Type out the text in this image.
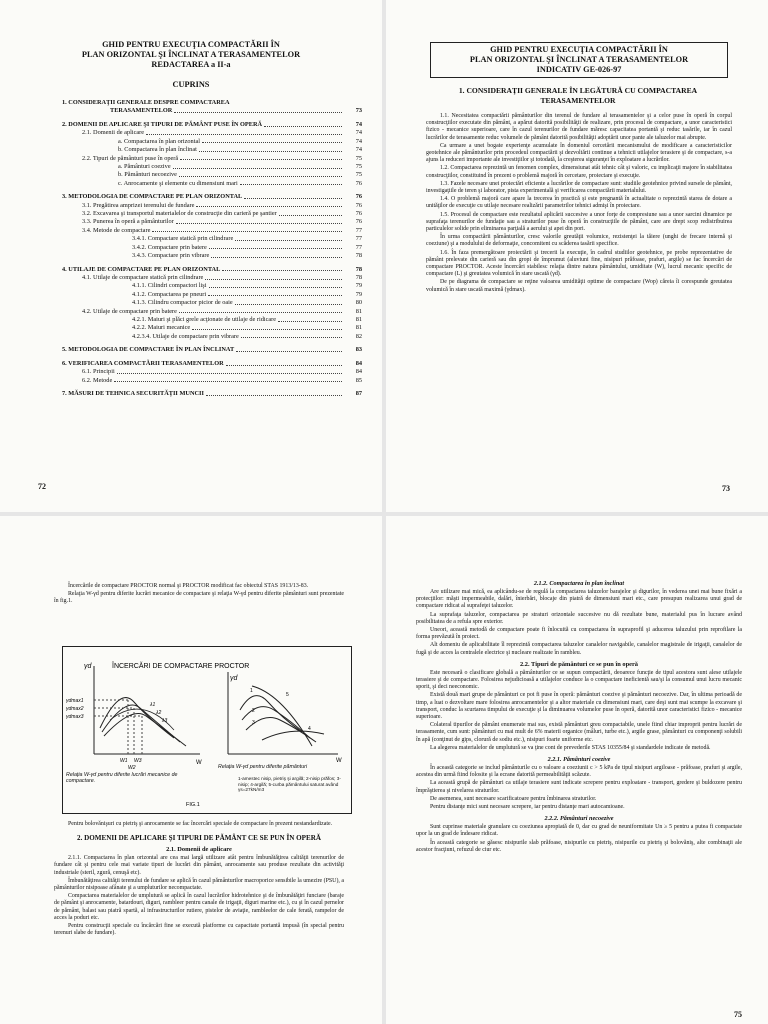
GHID PENTRU EXECUŢIA COMPACTĂRII ÎN
PLAN ORIZONTAL ŞI ÎNCLINAT A TERASAMENTELOR
REDACTAREA a II-a
CUPRINS
1. CONSIDERAŢII GENERALE DESPRE COMPACTAREA
TERASAMENTELOR	73
2. DOMENII DE APLICARE ŞI TIPURI DE PĂMÂNT PUSE ÎN OPERĂ	74
2.1. Domenii de aplicare	74
a. Compactarea în plan orizontal	74
b. Compactarea în plan înclinat	74
2.2. Tipuri de pământuri puse în operă	75
a. Pământuri coezive	75
b. Pământuri necoezive	75
c. Anrocamente şi elemente cu dimensiuni mari	76
3. METODOLOGIA DE COMPACTARE PE PLAN ORIZONTAL	76
3.1. Pregătirea amprizei terenului de fundare	76
3.2. Excavarea şi transportul materialelor de construcţie din carieră pe şantier	76
3.3. Punerea în operă a pământurilor	76
3.4. Metode de compactare	77
3.4.1. Compactare statică prin cilindrare	77
3.4.2. Compactare prin batere	77
3.4.3. Compactare prin vibrare	78
4. UTILAJE DE COMPACTARE PE PLAN ORIZONTAL	78
4.1. Utilaje de compactare statică prin cilindrare	78
4.1.1. Cilindri compactori lişi	79
4.1.2. Compactarea pe pneuri	79
4.1.3. Cilindru compactor picior de oaie	80
4.2. Utilaje de compactare prin batere	81
4.2.1. Maiuri şi plăci grele acţionate de utilaje de ridicare	81
4.2.2. Maiuri mecanice	81
4.2.3.4. Utilaje de compactare prin vibrare	82
5. METODOLOGIA DE COMPACTARE ÎN PLAN ÎNCLINAT	83
6. VERIFICAREA COMPACTĂRII TERASAMENTELOR	84
6.1. Principii	84
6.2. Metode	85
7. MĂSURI DE TEHNICA SECURITĂŢII MUNCII	87
72
GHID PENTRU EXECUŢIA COMPACTĂRII ÎN
PLAN ORIZONTAL ŞI ÎNCLINAT A TERASAMENTELOR
INDICATIV GE-026-97
1. CONSIDERAŢII GENERALE ÎN LEGĂTURĂ CU COMPACTAREA
TERASAMENTELOR
1.1. Necesitatea compactării pământurilor din terenul de fundare al terasamentelor şi a celor puse în operă în corpul construcţiilor executate din pământ, a apărut datorită posibilităţii de realizare, prin procesul de compactare, a unor caracteristici fizico - mecanice superioare, care în cazul terenurilor de fundare măresc capacitatea portantă şi reduc tasările, iar în cazul lucrărilor de terasamente reduc volumele de pământ datorită posibilităţii adoptării unor pante ale taluzelor mai abrupte.
Ca urmare a unei bogate experienţe acumulate în domeniul cercetării mecanismului de modificare a caracteristicilor geotehnice ale pământurilor prin procedeul compactării şi dezvoltării continue a tehnicii utilajelor terasiere şi de compactare, s-a ajuns la reduceri importante ale investiţiilor şi totodată, la creşterea siguranţei în exploatare a lucrărilor.
1.2. Compactarea reprezintă un fenomen complex, dimensiunat atât tehnic cât şi valoric, cu implicaţii majore în stabilitatea construcţiilor, constituind în prezent o problemă majoră în cercetare, proiectare şi execuţie.
1.3. Fazele necesare unei proiectări eficiente a lucrărilor de compactare sunt: studiile geotehnice privind sursele de pământ, investigaţiile de teren şi laborator, pista experimentală şi verificarea compactării materialului.
1.4. O problemă majoră care apare la trecerea în practică şi este pregnantă în actualitate o reprezintă starea de dotare a unităţilor de execuţie cu utilaje necesare realizării parametrilor tehnici admişi în proiectare.
1.5. Procesul de compactare este rezultatul aplicării succesive a unor forţe de compresiune sau a unor sarcini dinamice pe suprafaţa terenurilor de fundaţie sau a straturilor puse în operă în construcţiile de pământ, care are drept scop redistribuirea particulelor solide prin eliminarea parţială a aerului şi apei din pori.
În urma compactării pământurilor, cresc valorile greutăţii volumice, rezistenţei la tăiere (unghi de frecare internă şi coeziune) şi a modulului de deformaţie, concomitent cu scăderea tasării specifice.
1.6. În faza premergătoare proiectării şi trecerii la execuţie, în cadrul studiilor geotehnice, pe probe reprezentative de pământ prelevate din carieră sau din gropi de împrumut (aluviuni fine, nisipuri prăfoase, prafuri, argile) se fac încercări de compactare PROCTOR. Aceste încercări stabilesc relaţia dintre natura pământului, umiditate (W), lucrul mecanic specific de compactare (L) şi greutatea volumică în stare uscată (γd).
De pe diagrama de compactare se reţine valoarea umidităţii optime de compactare (Wop) căreia îi corespunde greutatea volumică în stare uscată maximă (γdmax).
73
Încercările de compactare PROCTOR normal şi PROCTOR modificat fac obiectul STAS 1913/13-83.
Relaţia W-γd pentru diferite lucrări mecanice de compactare şi relaţia W-γd pentru diferite pământuri sunt prezentate în fig.1.
ÎNCERCĂRI DE COMPACTARE PROCTOR
γd
W
γdmax1
γdmax2
γdmax3
λ1
λ2
λ3
W1 W3
W2
γd
W
5
1
2
3
4
Relaţia W-γd pentru diferite lucrări mecanice de compactare.
Relaţia W-γd pentru diferite pământuri
1-amestec nisip, pietriş şi argilă; 2-nisip prăfos; 3-nisip; 4-argilă; 5-curba pământului saturat având γs=27kN/m3
FIG.1
Pentru bolovănişuri cu pietriş şi anrocamente se fac încercări speciale de compactare în prezent nestandardizate.
2. DOMENII DE APLICARE ŞI TIPURI DE PĂMÂNT CE SE PUN ÎN OPERĂ
2.1. Domenii de aplicare
2.1.1. Compactarea în plan orizontal are cea mai largă utilizare atât pentru îmbunătăţirea calităţii terenurilor de fundare cât şi pentru cele mai variate tipuri de lucrări din pământ, anrocamente sau produse rezultate din activităţi industriale (steril, zgură, cenuşă etc).
Îmbunătăţirea calităţii terenului de fundare se aplică în cazul pământurilor macroporice sensibile la umezire (PSU), a pământurilor nisipoase afânate şi a umpluturilor necompactate.
Compactarea materialelor de umplutură se aplică în cazul lucrărilor hidrotehnice şi de îmbunătăţiri funciare (baraje de pământ şi anrocamente, batardouri, diguri, rambleer pentru canale de irigaţii, diguri marine etc.), cu şi în cazul pernelor de pământ, balast sau piatră spartă, al infrastructurilor rutiere, pistelor de aviaţie, rambleelor de cale ferată, rampelor de acces la poduri etc.
Pentru construcţii speciale cu încărcări fine se execută platforme cu capacitate portantă impusă (în special pentru terenuri slabe de fundare).
2.1.2. Compactarea în plan înclinat
Are utilizare mai mică, ea aplicându-se de regulă la compactarea taluzelor barajelor şi digurilor, în vederea unei mai bune fixări a protecţiilor: măşti impermeabile, dalări, înierbări, blocaje din piatră de dimensiuni mari etc., care presupun realizarea unui grad de compactare ridicat al suprafeţei taluzelor.
La suprafaţa taluzelor, compactarea pe straturi orizontale succesive nu dă rezultate bune, materialul pus în lucrare având posibilitatea de a refula spre exterior.
Uneori, această metodă de compactare poate fi înlocuită cu compactarea în supraprofil şi aducerea taluzului prin reprofilare la forma prevăzută în proiect.
Alt domeniu de aplicabilitate îl reprezintă compactarea taluzelor canalelor navigabile, canalelor magistrale de irigaţii, canalelor de fugă şi de acces la centralele electrice şi nucleare realizate în rambleu.
2.2. Tipuri de pământuri ce se pun în operă
Este necesară o clasificare globală a pământurilor ce se supun compactării, deoarece funcţie de tipul acestora sunt alese utilajele terasiere şi de compactare. Folosirea nejudicioasă a utilajelor conduce la o compactare ineficientă sau/şi la consumul unui lucru mecanic sporit, şi deci neeconomic.
Există două mari grupe de pământuri ce pot fi puse în operă: pământuri coezive şi pământuri necoezive. Dar, în ultima perioadă de timp, a luat o dezvoltare mare folosirea anrocamentelor şi a altor materiale cu dimensiuni mari, care deşi sunt mai scumpe la excavare şi transport, conduc la scurtarea timpului de execuţie şi la diminuarea volumelor puse în operă, datorită unor caracteristici fizico - mecanice superioare.
Colateral tipurilor de pământ enumerate mai sus, există pământuri greu compactabile, unele fiind chiar improprii pentru lucrări de terasamente, cum sunt: pământuri cu mai mult de 6% materii organice (mâluri, turbe etc.), argile grase, pământuri cu componenţi solubili în apă (conţinut de gips, clorură de sodiu etc.), nisipuri foarte uniforme etc.
La alegerea materialelor de umplutură se va ţine cont de prevederile STAS 10355/84 şi standardele indicate de metodă.
2.2.1. Pământuri coezive
În această categorie se includ pământurile cu o valoare a coeziunii c > 5 kPa de tipul nisipuri argiloase - prăfoase, prafuri şi argile, acestea din urmă fiind folosite şi la ecrane datorită permeabilităţii scăzute.
La această grupă de pământuri ca utilaje terasiere sunt indicate screpere pentru exploatare - transport, gredere şi buldozere pentru împrăştierea şi nivelarea straturilor.
De asemenea, sunt necesare scarificatoare pentru îmbinarea straturilor.
Pentru distanţe mici sunt necesare screpere, iar pentru distanţe mari autocamioane.
2.2.2. Pământuri necoezive
Sunt cuprinse materiale granulare cu coeziunea apropiată de 0, dar cu grad de neuniformitate Un ≥ 5 pentru a putea fi compactate upor la un grad de îndesare ridicat.
În această categorie se găsesc nisipurile slab prăfoase, nisipurile cu pietriş, nisipurile cu pietriş şi bolovăniş, alte combinaţii ale acestor fracţiuni, refuzul de ciur etc.
75
